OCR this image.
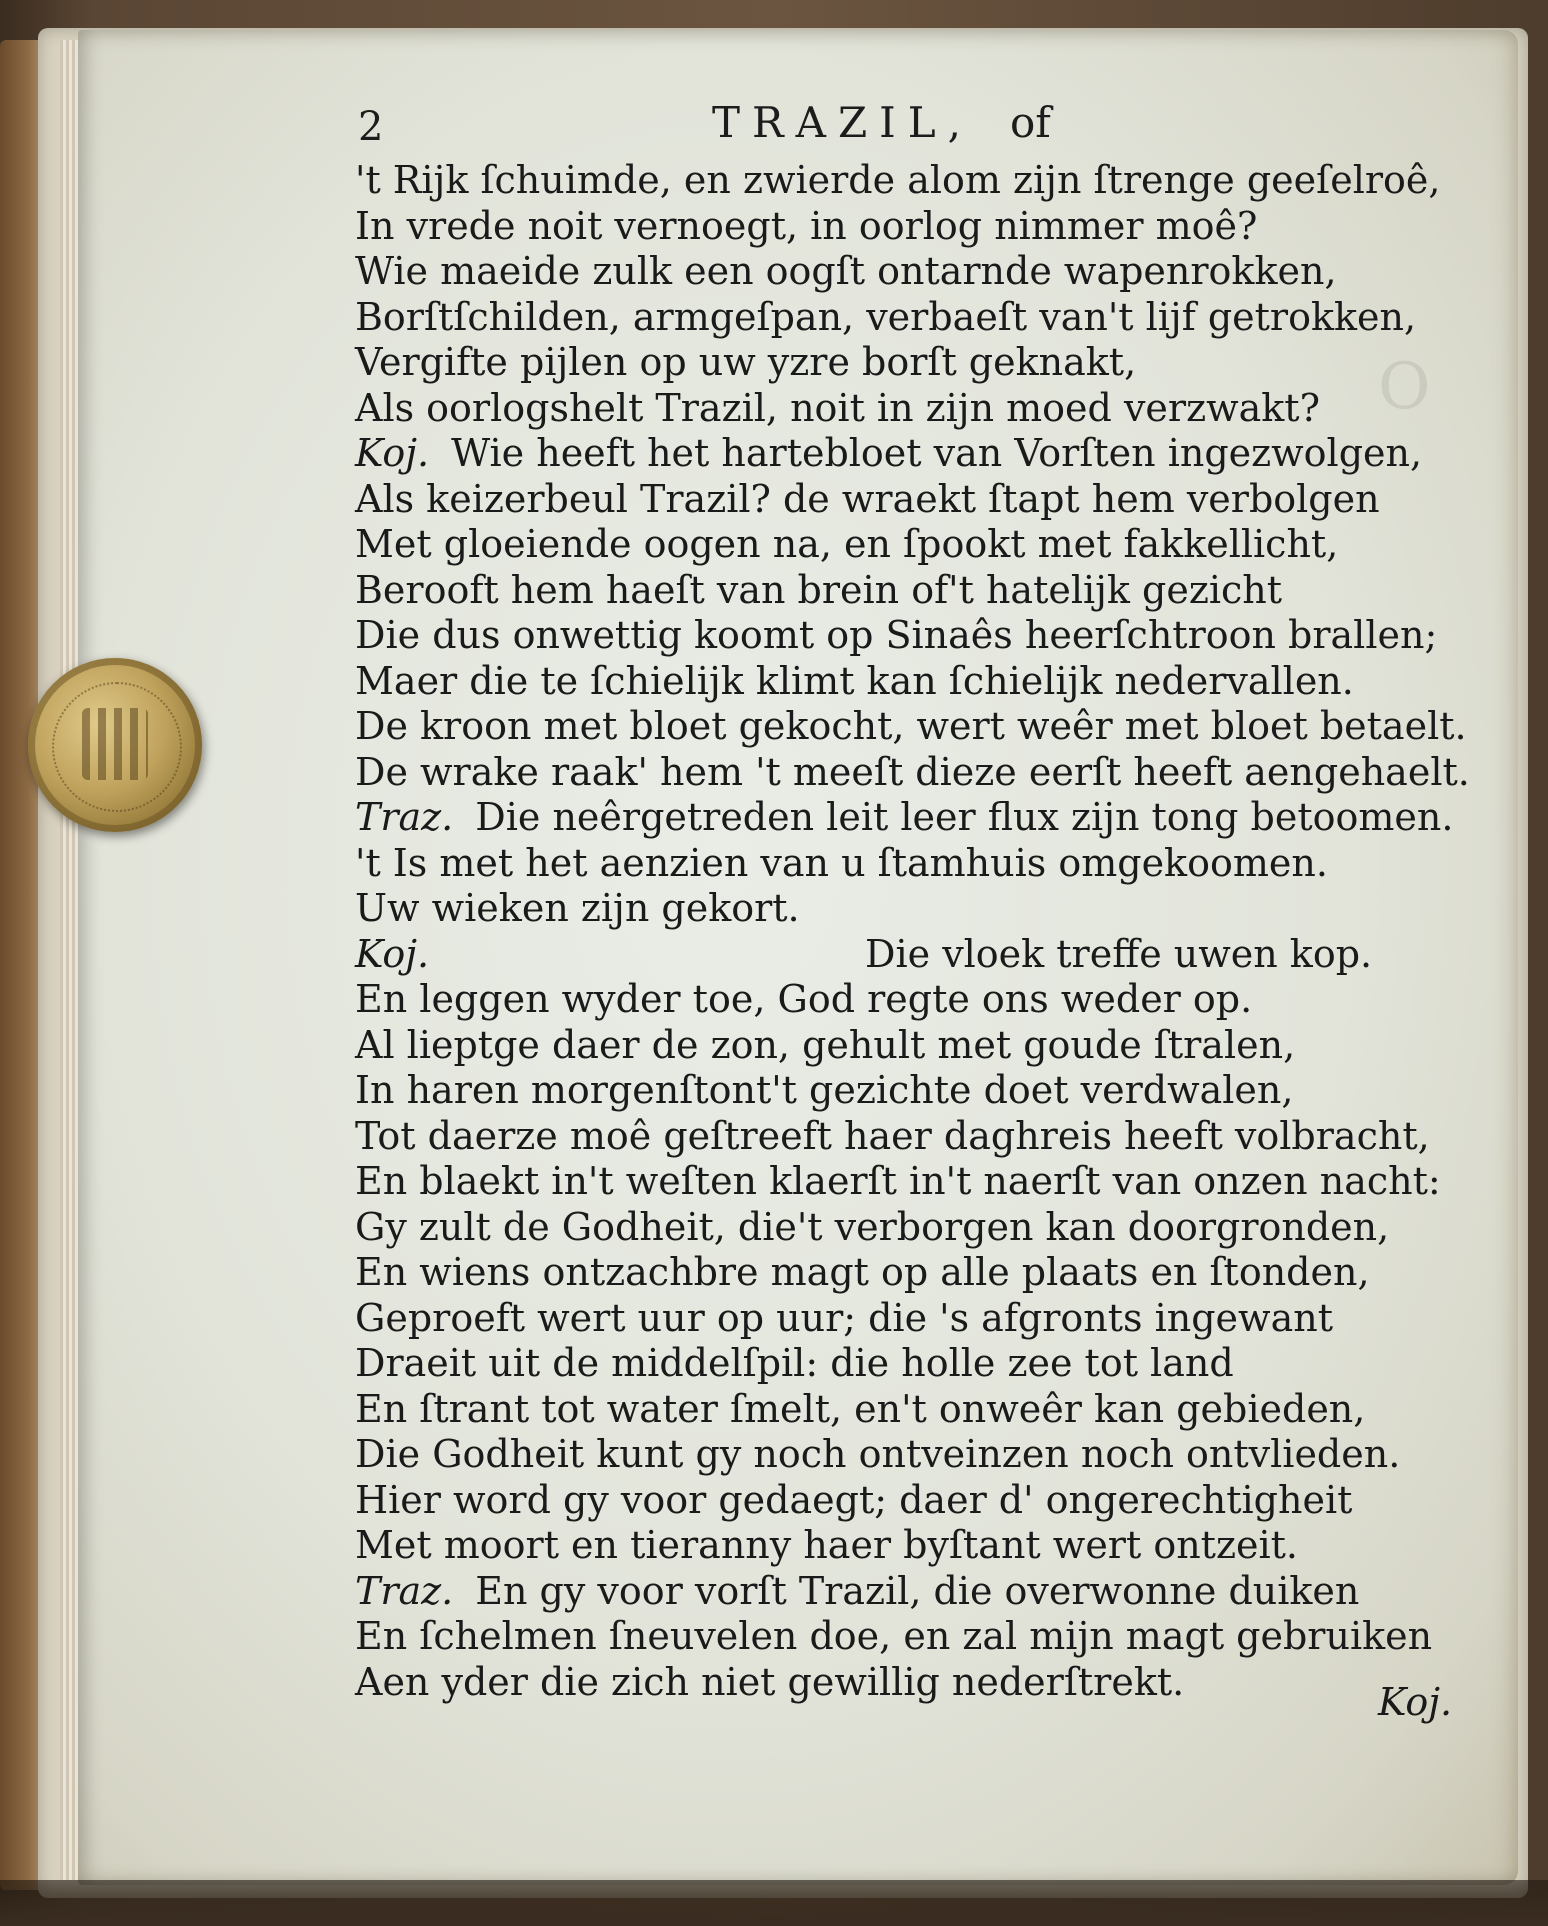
O
2	TRAZIL, of
't Rijk ſchuimde, en zwierde alom zijn ſtrenge geeſelroê,
In vrede noit vernoegt, in oorlog nimmer moê?
Wie maeide zulk een oogſt ontarnde wapenrokken,
Borſtſchilden, armgeſpan, verbaeſt van't lijf getrokken,
Vergifte pijlen op uw yzre borſt geknakt,
Als oorlogshelt Trazil, noit in zijn moed verzwakt?
Koj. Wie heeft het hartebloet van Vorſten ingezwolgen,
Als keizerbeul Trazil? de wraekt ſtapt hem verbolgen
Met gloeiende oogen na, en ſpookt met fakkellicht,
Berooft hem haeſt van brein of't hatelijk gezicht
Die dus onwettig koomt op Sinaês heerſchtroon brallen;
Maer die te ſchielijk klimt kan ſchielijk nedervallen.
De kroon met bloet gekocht, wert weêr met bloet betaelt.
De wrake raak' hem 't meeſt dieze eerſt heeft aengehaelt.
Traz. Die neêrgetreden leit leer flux zijn tong betoomen.
't Is met het aenzien van u ſtamhuis omgekoomen.
Uw wieken zijn gekort.
Koj.	Die vloek treffe uwen kop.
En leggen wyder toe, God regte ons weder op.
Al lieptge daer de zon, gehult met goude ſtralen,
In haren morgenſtont't gezichte doet verdwalen,
Tot daerze moê geſtreeft haer daghreis heeft volbracht,
En blaekt in't weſten klaerſt in't naerſt van onzen nacht:
Gy zult de Godheit, die't verborgen kan doorgronden,
En wiens ontzachbre magt op alle plaats en ſtonden,
Geproeft wert uur op uur; die 's afgronts ingewant
Draeit uit de middelſpil: die holle zee tot land
En ſtrant tot water ſmelt, en't onweêr kan gebieden,
Die Godheit kunt gy noch ontveinzen noch ontvlieden.
Hier word gy voor gedaegt; daer d' ongerechtigheit
Met moort en tieranny haer byſtant wert ontzeit.
Traz. En gy voor vorſt Trazil, die overwonne duiken
En ſchelmen ſneuvelen doe, en zal mijn magt gebruiken
Aen yder die zich niet gewillig nederſtrekt.	Koj.
